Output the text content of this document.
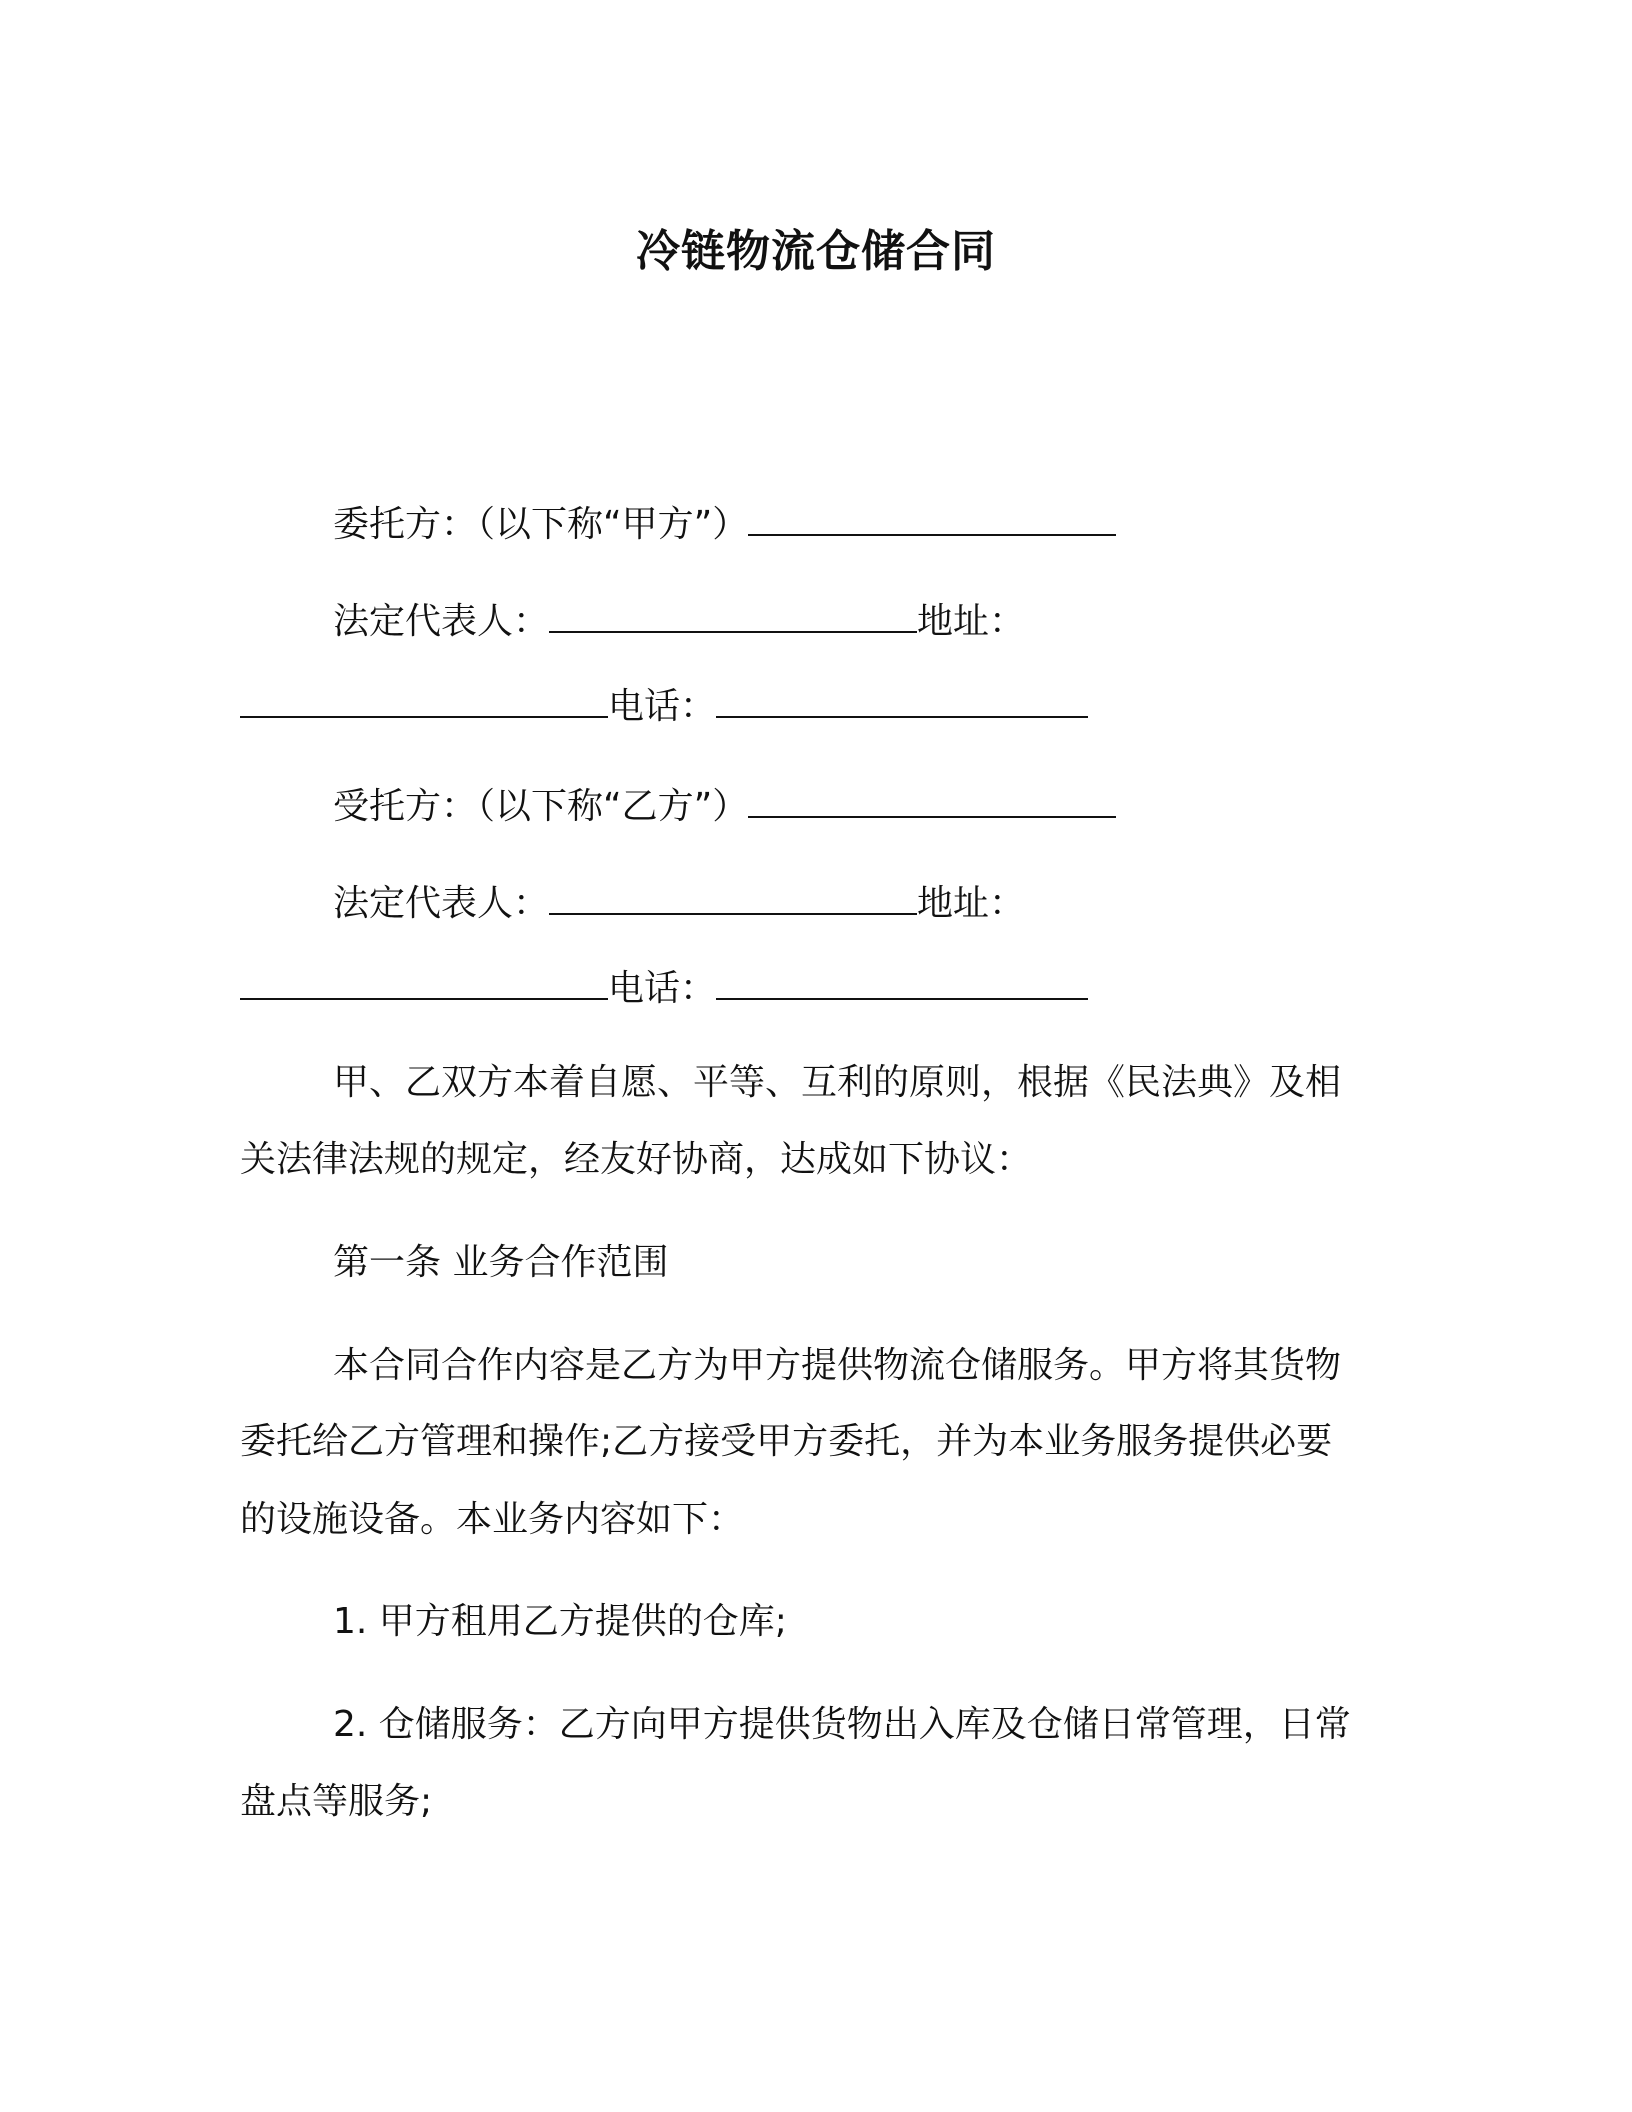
冷链物流仓储合同
委托方：（以下称“甲方”）
法定代表人：	地址：
电话：
受托方：（以下称“乙方”）
法定代表人：	地址：
电话：
甲、乙双方本着自愿、平等、互利的原则，根据《民法典》及相
关法律法规的规定，经友好协商，达成如下协议：
第一条 业务合作范围
本合同合作内容是乙方为甲方提供物流仓储服务。甲方将其货物
委托给乙方管理和操作;乙方接受甲方委托，并为本业务服务提供必要
的设施设备。本业务内容如下：
1. 甲方租用乙方提供的仓库;
2. 仓储服务：乙方向甲方提供货物出入库及仓储日常管理，日常
盘点等服务;
